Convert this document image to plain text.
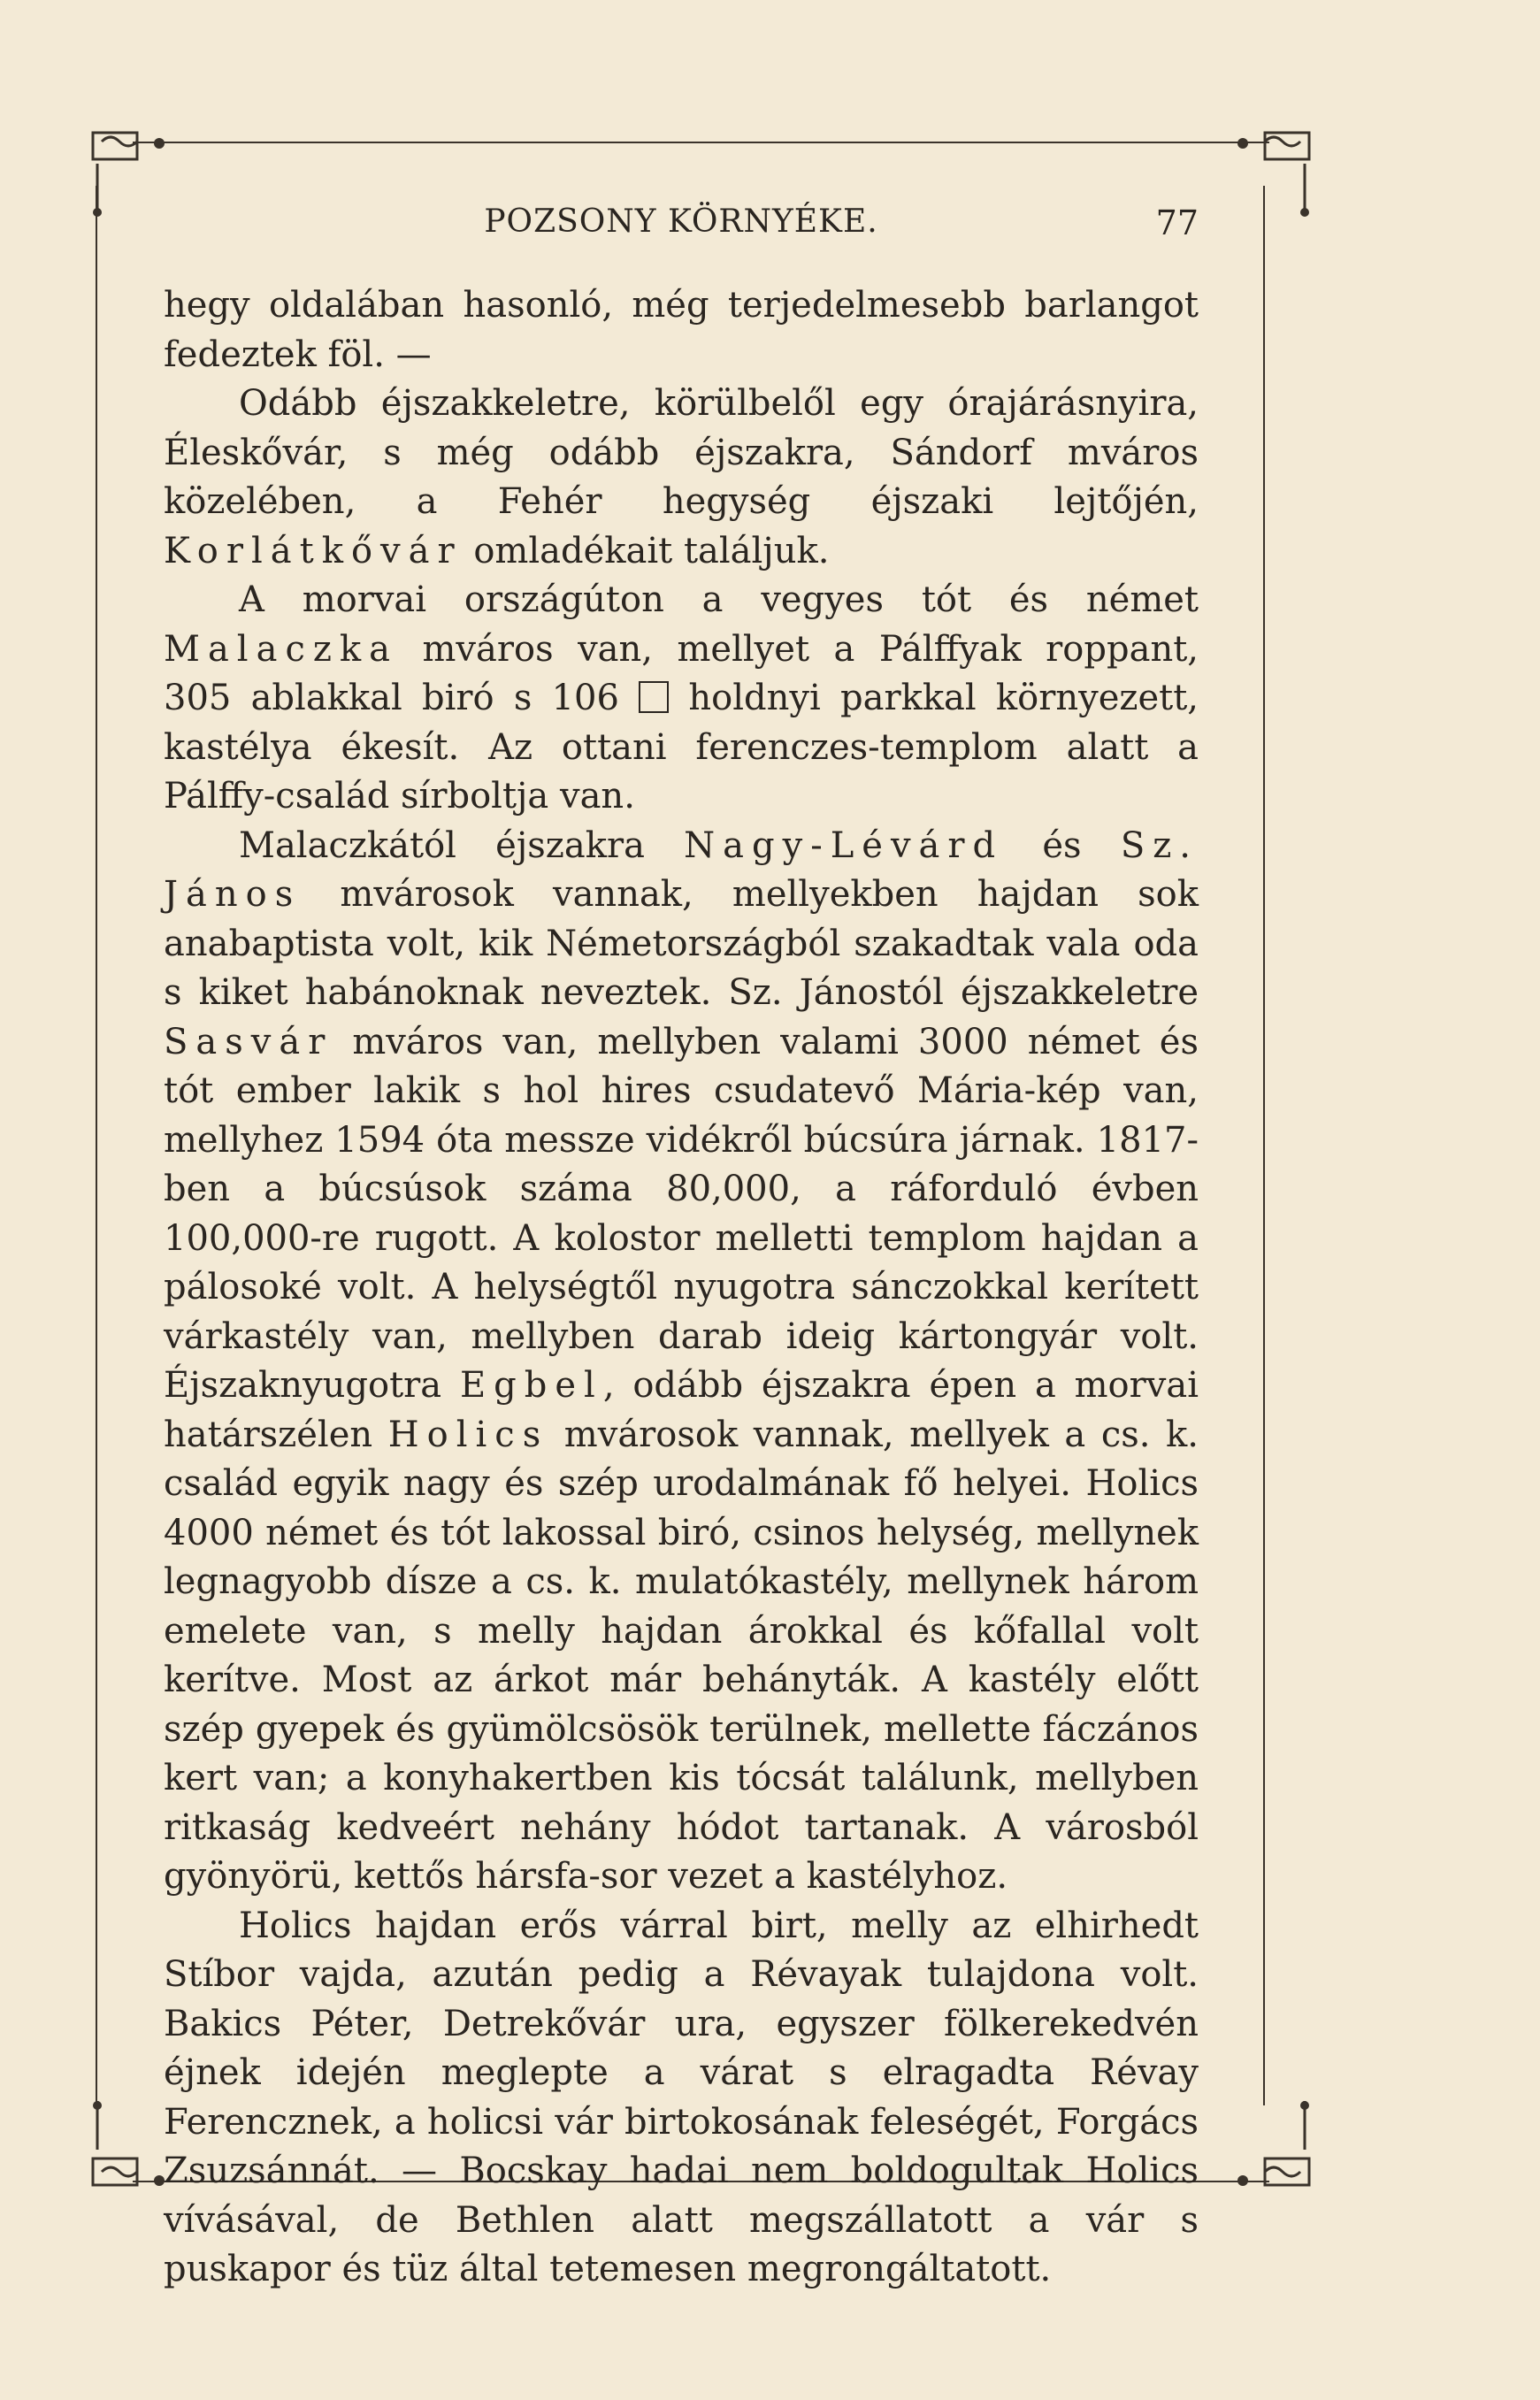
POZSONY KÖRNYÉKE.	77

hegy oldalában hasonló, még terjedelmesebb barlangot fedeztek föl. —

Odább éjszakkeletre, körülbelől egy órajárásnyira, Éleskővár, s még odább éjszakra, Sándorf mváros közelében, a Fehér hegység éjszaki lejtőjén, Korlátkővár omladékait találjuk.

A morvai országúton a vegyes tót és német Malaczka mváros van, mellyet a Pálffyak roppant, 305 ablakkal biró s 106 holdnyi parkkal környezett, kastélya ékesít. Az ottani ferenczes-templom alatt a Pálffy-család sírboltja van.

Malaczkától éjszakra Nagy-Lévárd és Sz. János mvárosok vannak, mellyekben hajdan sok anabaptista volt, kik Németországból szakadtak vala oda s kiket habánoknak neveztek. Sz. Jánostól éjszakkeletre Sasvár mváros van, mellyben valami 3000 német és tót ember lakik s hol hires csudatevő Mária-kép van, mellyhez 1594 óta messze vidékről búcsúra járnak. 1817-ben a búcsúsok száma 80,000, a ráforduló évben 100,000-re rugott. A kolostor melletti templom hajdan a pálosoké volt. A helységtől nyugotra sánczokkal kerített várkastély van, mellyben darab ideig kártongyár volt. Éjszaknyugotra Egbel, odább éjszakra épen a morvai határszélen Holics mvárosok vannak, mellyek a cs. k. család egyik nagy és szép urodalmának fő helyei. Holics 4000 német és tót lakossal biró, csinos helység, mellynek legnagyobb dísze a cs. k. mulatókastély, mellynek három emelete van, s melly hajdan árokkal és kőfallal volt kerítve. Most az árkot már behányták. A kastély előtt szép gyepek és gyümölcsösök terülnek, mellette fáczános kert van; a konyhakertben kis tócsát találunk, mellyben ritkaság kedveért nehány hódot tartanak. A városból gyönyörü, kettős hársfa-sor vezet a kastélyhoz.

Holics hajdan erős várral birt, melly az elhirhedt Stíbor vajda, azután pedig a Révayak tulajdona volt. Bakics Péter, Detrekővár ura, egyszer fölkerekedvén éjnek idején meglepte a várat s elragadta Révay Ferencznek, a holicsi vár birtokosának feleségét, Forgács Zsuzsánnát. — Bocskay hadai nem boldogultak Holics vívásával, de Bethlen alatt megszállatott a vár s puskapor és tüz által tetemesen megrongáltatott.
